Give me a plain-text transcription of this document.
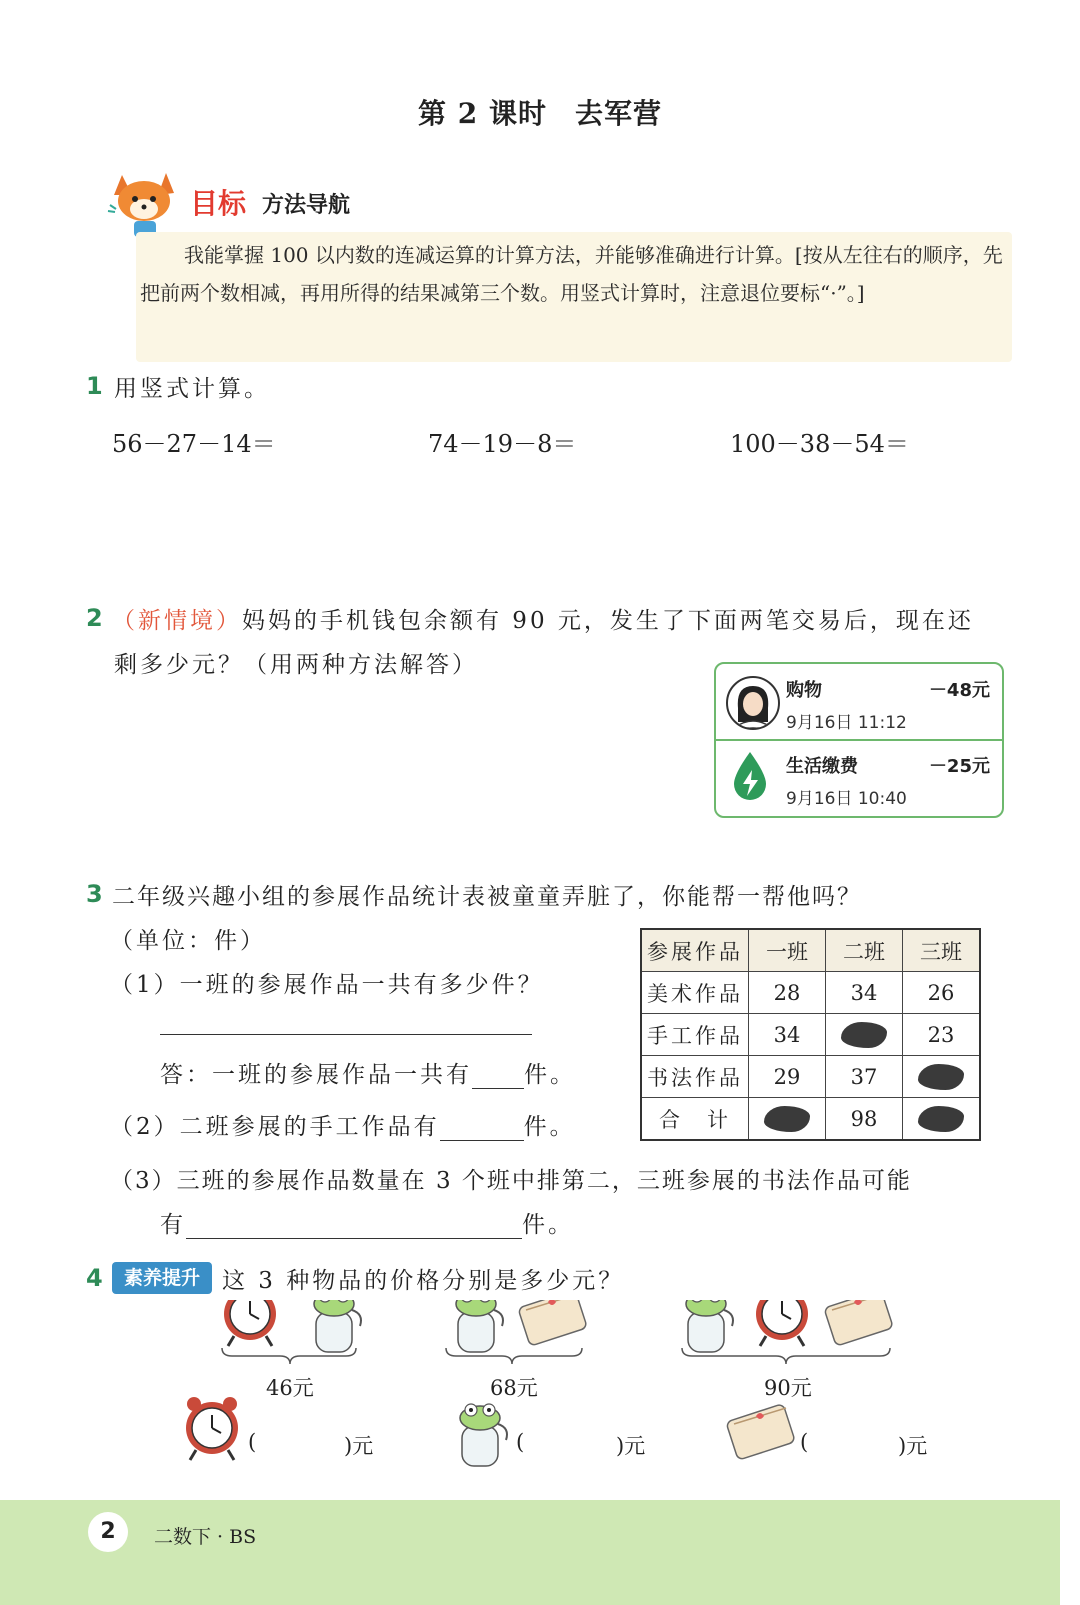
第 2 课时 去军营
目标 方法导航
我能掌握 100 以内数的连减运算的计算方法，并能够准确进行计算。[按从左往右的顺序，先把前两个数相减，再用所得的结果减第三个数。用竖式计算时，注意退位要标“·”。]
1 用竖式计算。
56－27－14＝	74－19－8＝	100－38－54＝
2 （新情境）妈妈的手机钱包余额有 90 元，发生了下面两笔交易后，现在还
剩多少元？（用两种方法解答）
购物
9月16日 11:12
－48元
生活缴费
9月16日 10:40
－25元
3 二年级兴趣小组的参展作品统计表被童童弄脏了，你能帮一帮他吗？
（单位：件）
（1）一班的参展作品一共有多少件？
答：一班的参展作品一共有 件。
（2）二班参展的手工作品有	件。
（3）三班的参展作品数量在 3 个班中排第二，三班参展的书法作品可能
有	件。
参展作品	一班	二班	三班
美术作品	28	34	26
手工作品	34		23
书法作品	29	37	
合　计		98	
4	素养提升 这 3 种物品的价格分别是多少元？
46元	68元	90元
(	)元	(	)元	(	)元
2	二数下 · BS
